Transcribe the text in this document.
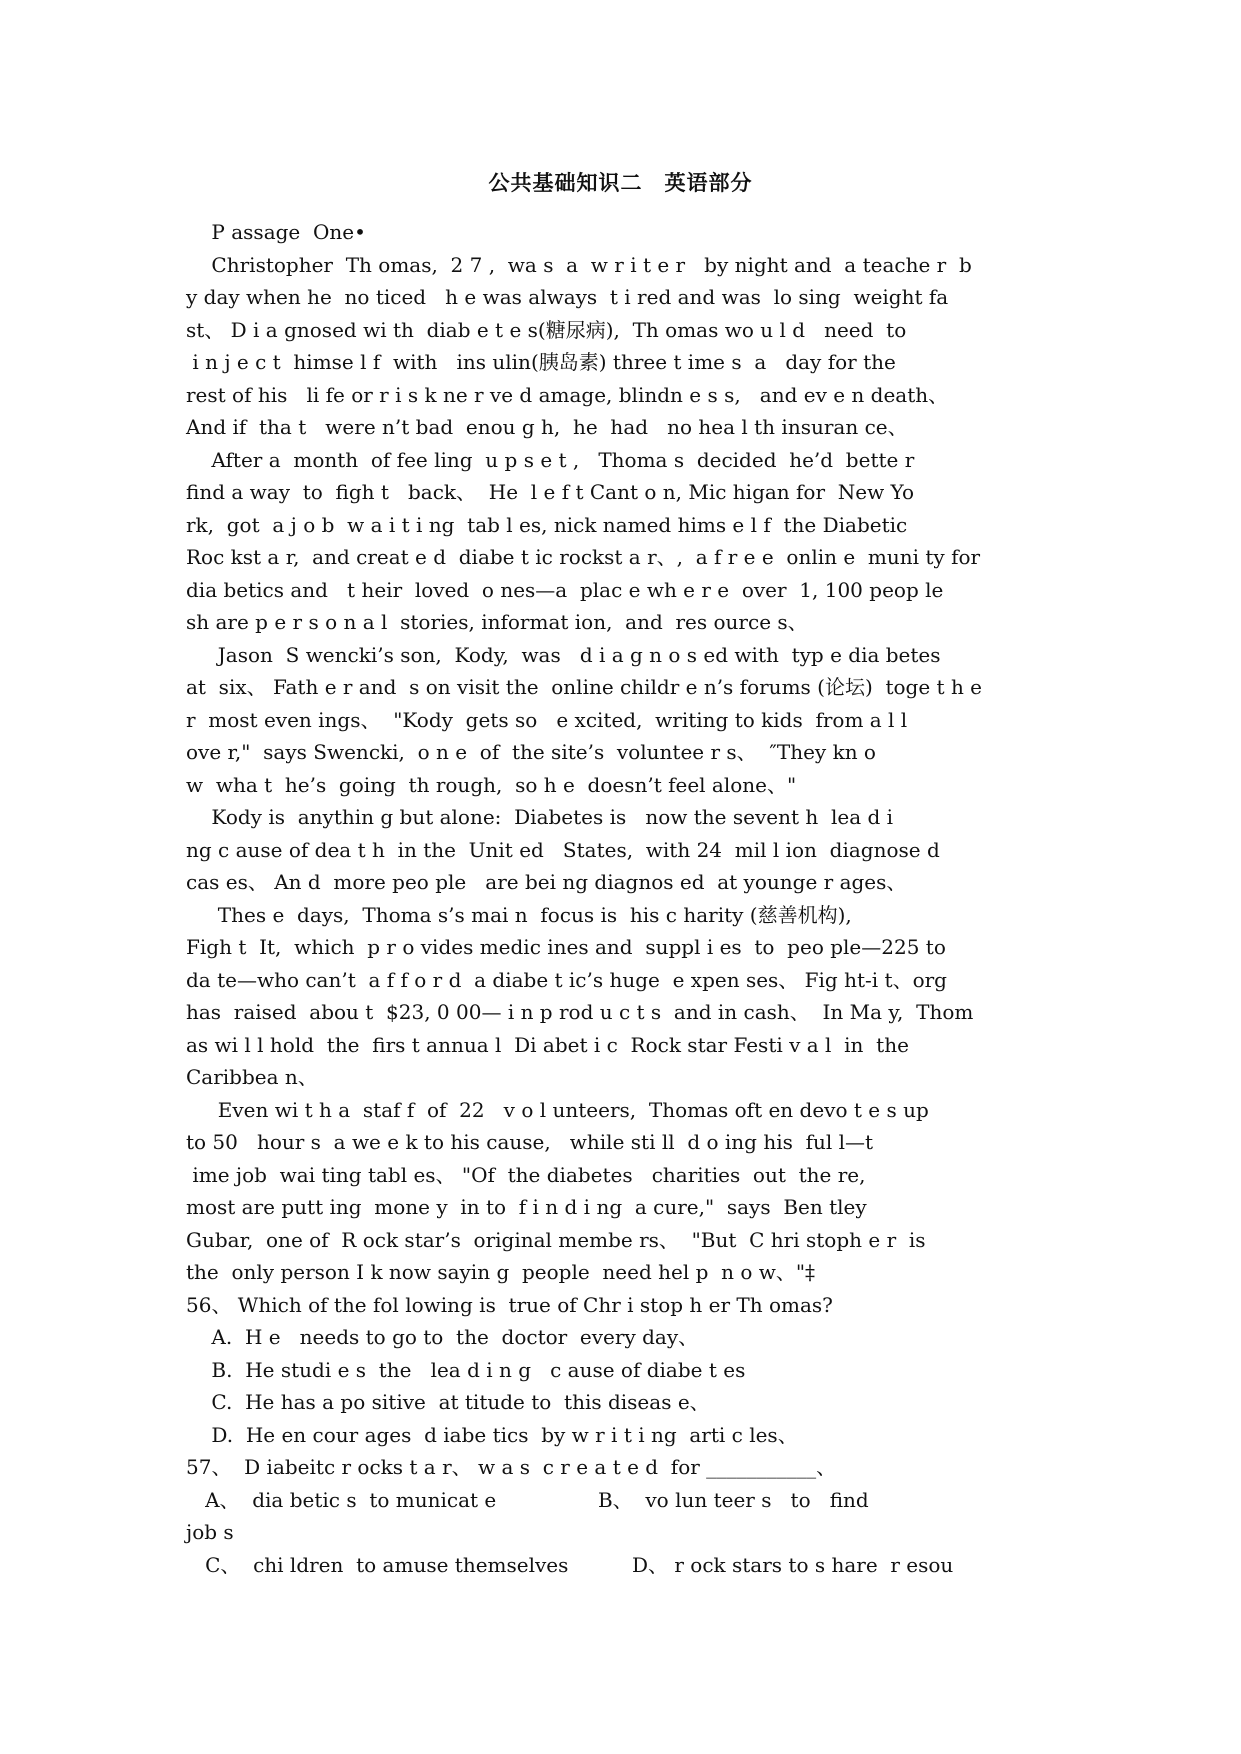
公共基础知识二　英语部分
P assage  One•
Christopher  Th omas,  2 7 ,  wa s  a  w r i t e r   by night and  a teache r  b
y day when he  no ticed   h e was always  t i red and was  lo sing  weight fa
st、 D i a gnosed wi th  diab e t e s(糖尿病),  Th omas wo u l d   need  to
i n j e c t  himse l f  with   ins ulin(胰岛素) three t ime s  a   day for the
rest of his   li fe or r i s k ne r ve d amage, blindn e s s,   and ev e n death、
And if  tha t   were n’t bad  enou g h,  he  had   no hea l th insuran ce、
After a  month  of fee ling  u p s e t ,   Thoma s  decided  he’d  bette r
find a way  to  figh t   back、  He  l e f t Cant o n, Mic higan for  New Yo
rk,  got  a j o b  w a i t i ng  tab l es, nick named hims e l f  the Diabetic
Roc kst a r,  and creat e d  diabe t ic rockst a r、,  a f r e e  onlin e  muni ty for
dia betics and   t heir  loved  o nes—a  plac e wh e r e  over  1, 100 peop le
sh are p e r s o n a l  stories, informat ion,  and  res ource s、
Jason  S wencki’s son,  Kody,  was   d i a g n o s ed with  typ e dia betes
at  six、 Fath e r and  s on visit the  online childr e n’s forums (论坛)  toge t h e
r  most even ings、  "Kody  gets so   e xcited,  writing to kids  from a l l
ove r,"  says Swencki,  o n e  of  the site’s  voluntee r s、  ″They kn o
w  wha t  he’s  going  th rough,  so h e  doesn’t feel alone、"
Kody is  anythin g but alone:  Diabetes is   now the sevent h  lea d i
ng c ause of dea t h  in the  Unit ed   States,  with 24  mil l ion  diagnose d
cas es、 An d  more peo ple   are bei ng diagnos ed  at younge r ages、
Thes e  days,  Thoma s’s mai n  focus is  his c harity (慈善机构),
Figh t  It,  which  p r o vides medic ines and  suppl i es  to  peo ple—225 to
da te—who can’t  a f f o r d  a diabe t ic’s huge  e xpen ses、 Fig ht-i t、org
has  raised  abou t  $23, 0 00— i n p rod u c t s  and in cash、  In Ma y,  Thom
as wi l l hold  the  firs t annua l  Di abet i c  Rock star Festi v a l  in  the
Caribbea n、
Even wi t h a  staf f  of  22   v o l unteers,  Thomas oft en devo t e s up
to 50   hour s  a we e k to his cause,   while sti ll  d o ing his  ful l—t
ime job  wai ting tabl es、 "Of  the diabetes   charities  out  the re,
most are putt ing  mone y  in to  f i n d i ng  a cure,"  says  Ben tley
Gubar,  one of  R ock star’s  original membe rs、  "But  C hri stoph e r  is
the  only person I k now sayin g  people  need hel p  n o w、"‡
56、 Which of the fol lowing is  true of Chr i stop h er Th omas?
A.  H e   needs to go to  the  doctor  every day、
B.  He studi e s  the   lea d i n g   c ause of diabe t es
C.  He has a po sitive  at titude to  this diseas e、
D.  He en cour ages  d iabe tics  by w r i t i ng  arti c les、
57、  D iabeitc r ocks t a r、 w a s  c r e a t e d  for ___________、
A、  dia betic s  to municat e                B、  vo lun teer s   to   find
job s
C、  chi ldren  to amuse themselves          D、 r ock stars to s hare  r esou
